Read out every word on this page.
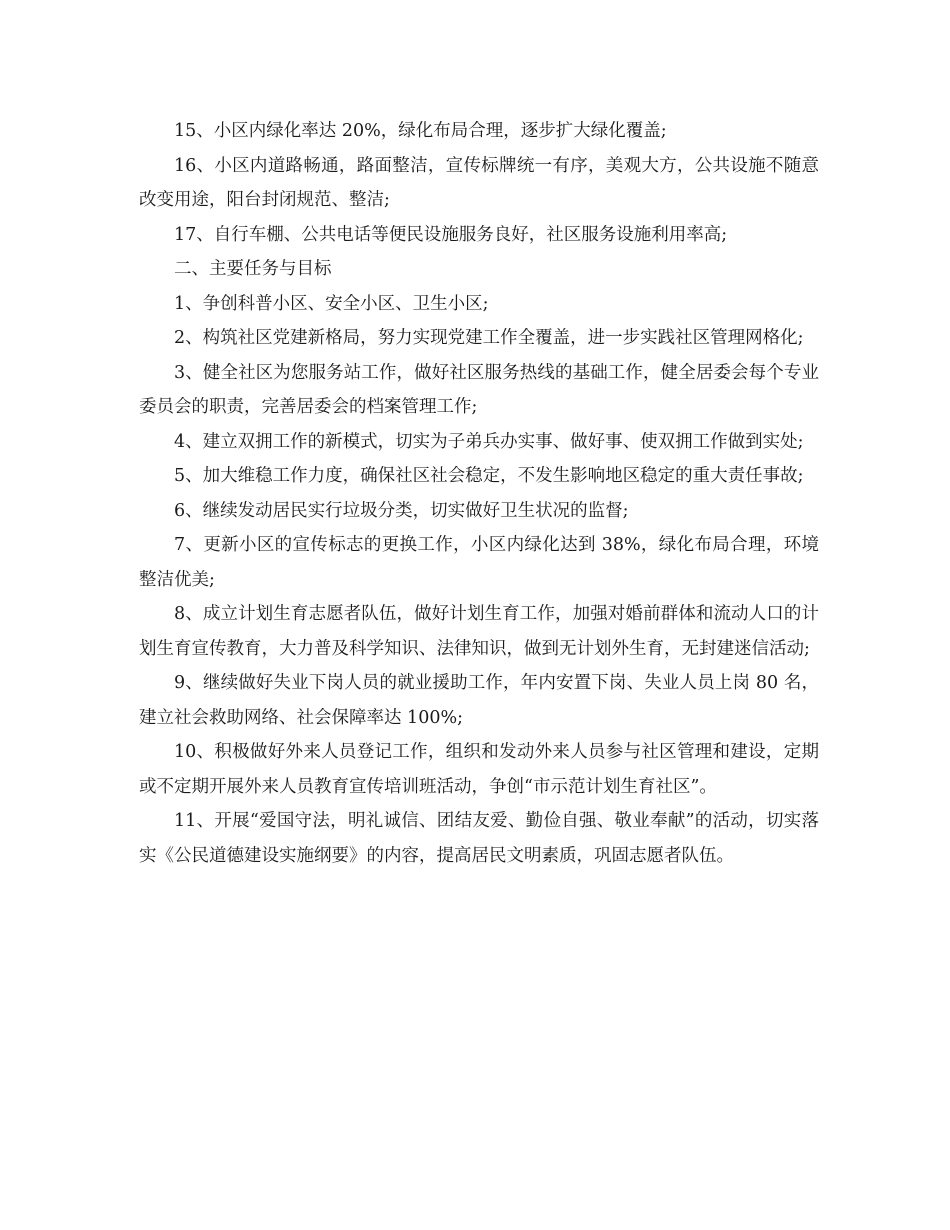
15、小区内绿化率达 20%，绿化布局合理，逐步扩大绿化覆盖;

16、小区内道路畅通，路面整洁，宣传标牌统一有序，美观大方，公共设施不随意改变用途，阳台封闭规范、整洁;

17、自行车棚、公共电话等便民设施服务良好，社区服务设施利用率高;

二、主要任务与目标

1、争创科普小区、安全小区、卫生小区;

2、构筑社区党建新格局，努力实现党建工作全覆盖，进一步实践社区管理网格化;

3、健全社区为您服务站工作，做好社区服务热线的基础工作，健全居委会每个专业委员会的职责，完善居委会的档案管理工作;

4、建立双拥工作的新模式，切实为子弟兵办实事、做好事、使双拥工作做到实处;

5、加大维稳工作力度，确保社区社会稳定，不发生影响地区稳定的重大责任事故;

6、继续发动居民实行垃圾分类，切实做好卫生状况的监督;

7、更新小区的宣传标志的更换工作，小区内绿化达到 38%，绿化布局合理，环境整洁优美;

8、成立计划生育志愿者队伍，做好计划生育工作，加强对婚前群体和流动人口的计划生育宣传教育，大力普及科学知识、法律知识，做到无计划外生育，无封建迷信活动;

9、继续做好失业下岗人员的就业援助工作，年内安置下岗、失业人员上岗 80 名，建立社会救助网络、社会保障率达 100%;

10、积极做好外来人员登记工作，组织和发动外来人员参与社区管理和建设，定期或不定期开展外来人员教育宣传培训班活动，争创“市示范计划生育社区”。

11、开展“爱国守法，明礼诚信、团结友爱、勤俭自强、敬业奉献”的活动，切实落实《公民道德建设实施纲要》的内容，提高居民文明素质，巩固志愿者队伍。
